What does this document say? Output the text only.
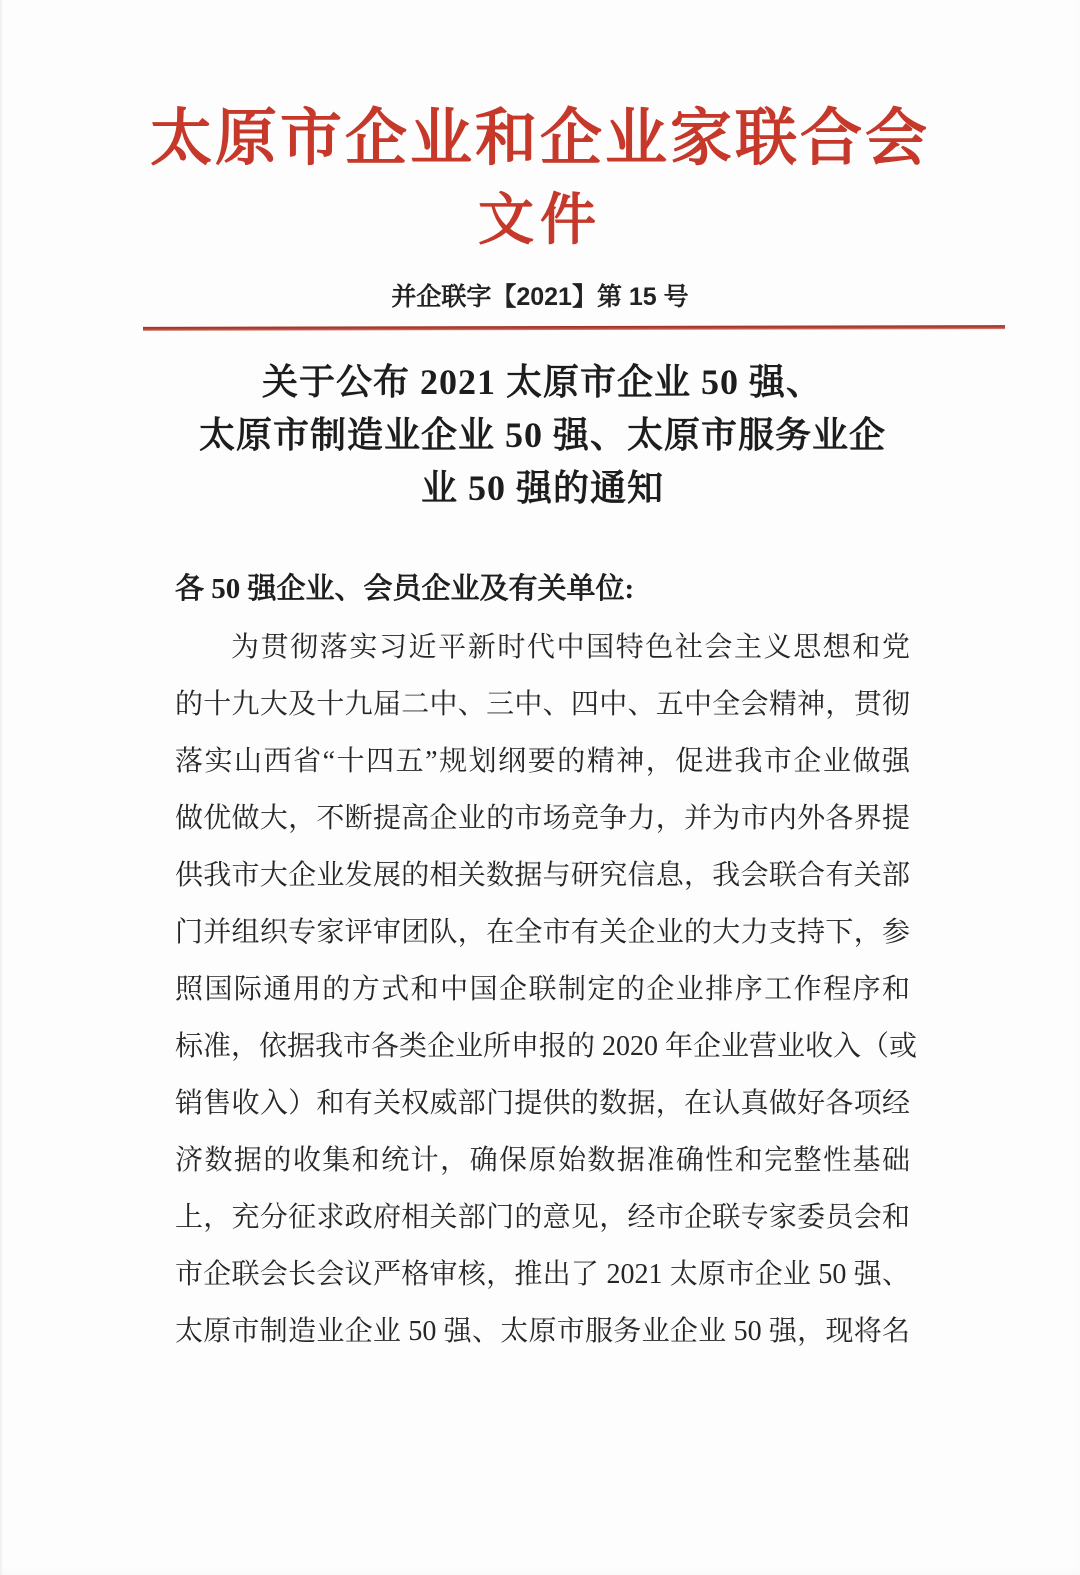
太原市企业和企业家联合会
文件
并企联字【2021】第 15 号
关于公布 2021 太原市企业 50 强、
太原市制造业企业 50 强、太原市服务业企
业 50 强的通知
各 50 强企业、会员企业及有关单位:
为贯彻落实习近平新时代中国特色社会主义思想和党
的十九大及十九届二中、三中、四中、五中全会精神，贯彻
落实山西省“十四五”规划纲要的精神，促进我市企业做强
做优做大，不断提高企业的市场竞争力，并为市内外各界提
供我市大企业发展的相关数据与研究信息，我会联合有关部
门并组织专家评审团队，在全市有关企业的大力支持下，参
照国际通用的方式和中国企联制定的企业排序工作程序和
标准，依据我市各类企业所申报的 2020 年企业营业收入（或
销售收入）和有关权威部门提供的数据，在认真做好各项经
济数据的收集和统计，确保原始数据准确性和完整性基础
上，充分征求政府相关部门的意见，经市企联专家委员会和
市企联会长会议严格审核，推出了 2021 太原市企业 50 强、
太原市制造业企业 50 强、太原市服务业企业 50 强，现将名
